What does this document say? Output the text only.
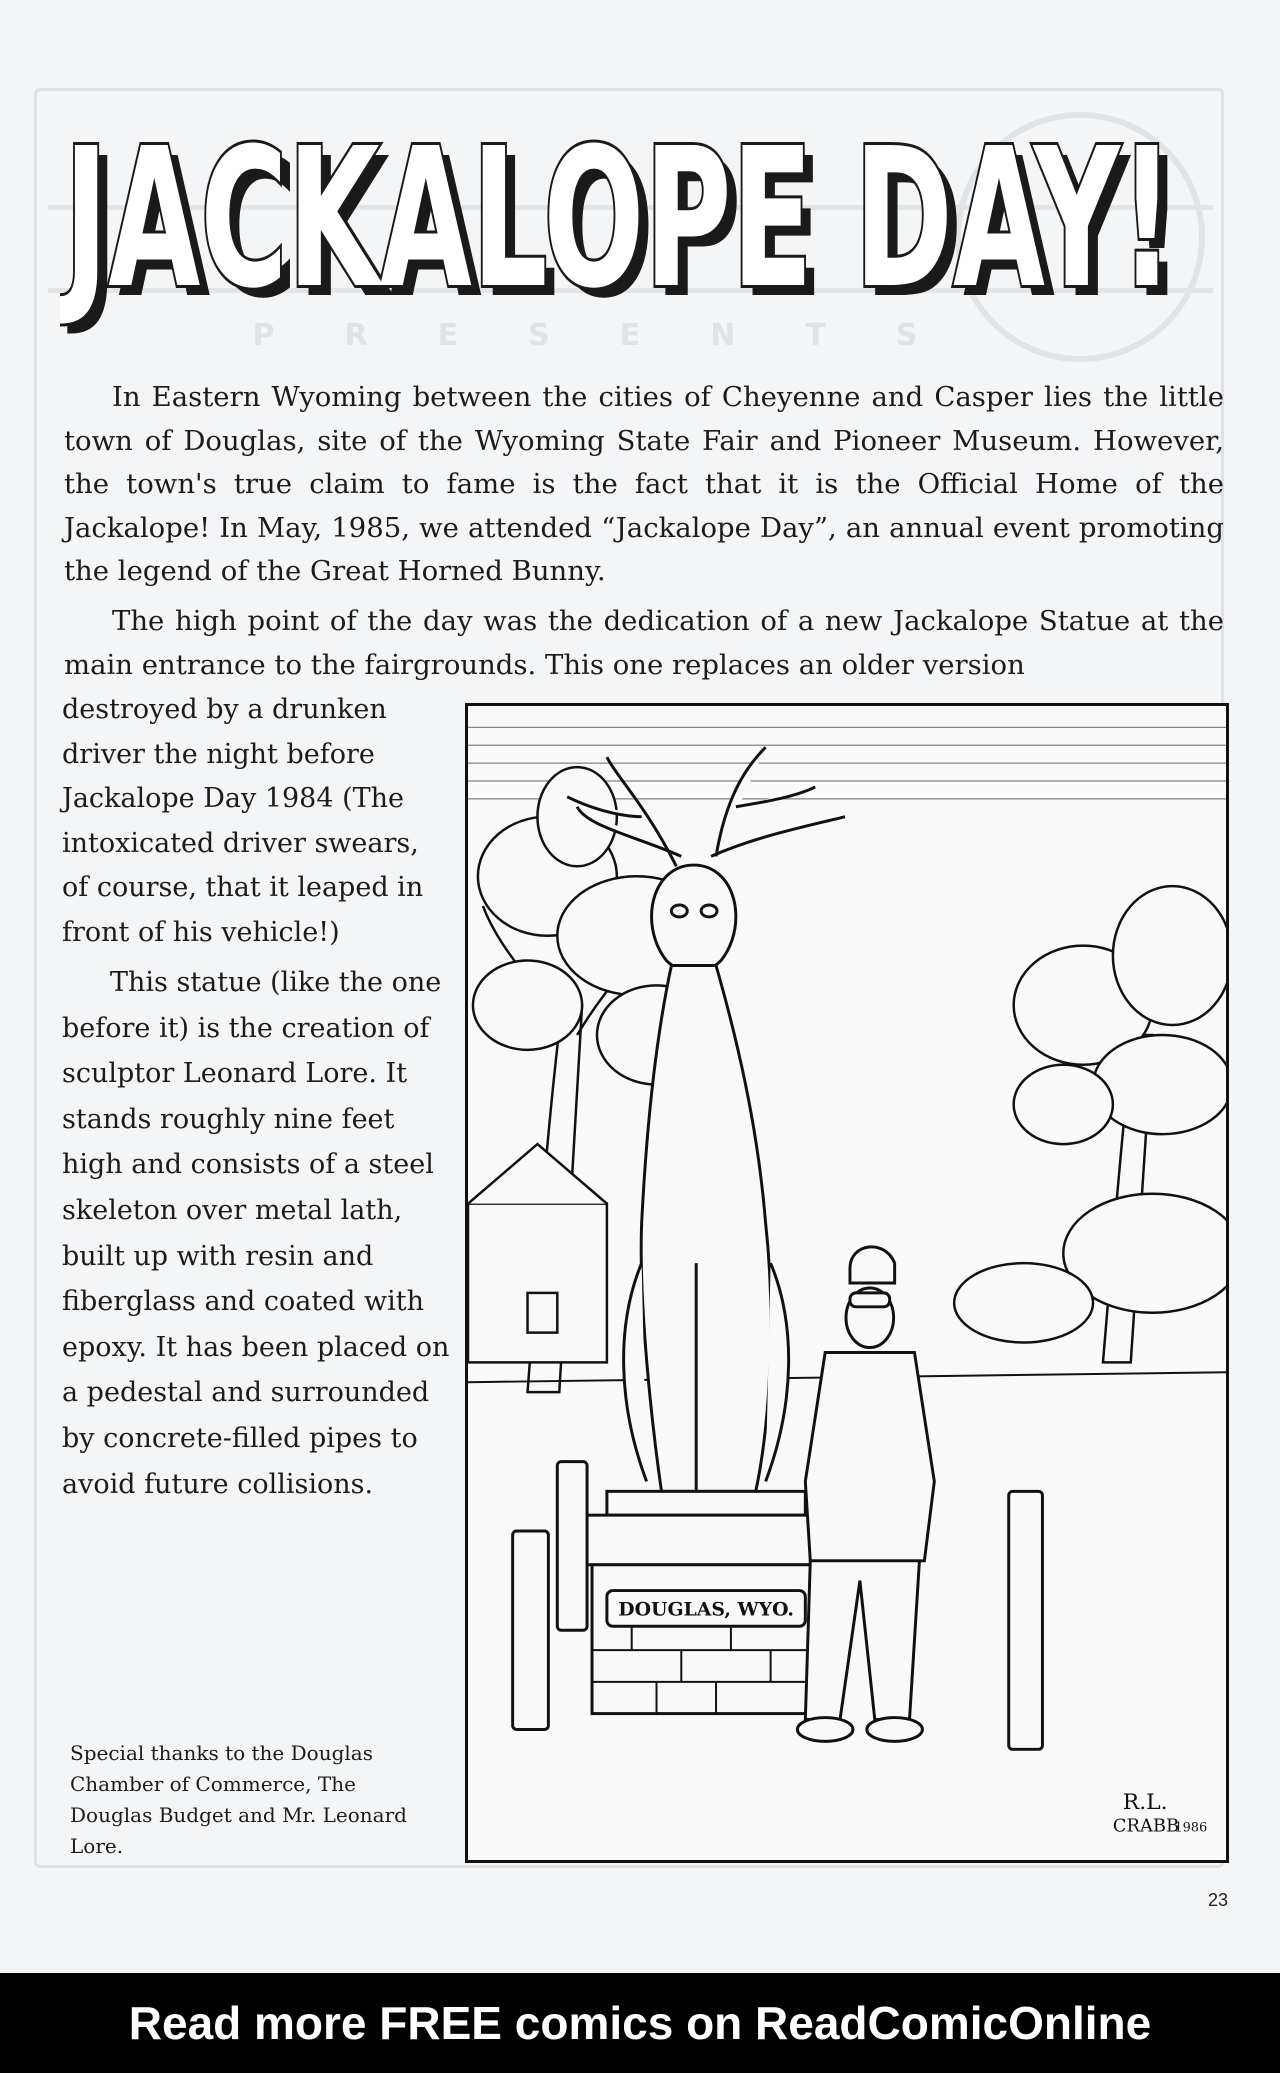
PRESENTS
JACKALOPE DAY!
JACKALOPE DAY!

In Eastern Wyoming between the cities of Cheyenne and Casper lies the little town of Douglas, site of the Wyoming State Fair and Pioneer Museum. However, the town's true claim to fame is the fact that it is the Official Home of the Jackalope! In May, 1985, we attended “Jackalope Day”, an annual event promoting the legend of the Great Horned Bunny.

The high point of the day was the dedication of a new Jackalope Statue at the main entrance to the fairgrounds. This one replaces an older version

destroyed by a drunken driver the night before Jackalope Day 1984 (The intoxicated driver swears, of course, that it leaped in front of his vehicle!)

This statue (like the one before it) is the creation of sculptor Leonard Lore. It stands roughly nine feet high and consists of a steel skeleton over metal lath, built up with resin and fiberglass and coated with epoxy. It has been placed on a pedestal and surrounded by concrete-filled pipes to avoid future collisions.

Special thanks to the Douglas Chamber of Commerce, The Douglas Budget and Mr. Leonard Lore.

DOUGLAS, WYO.
R.L.
CRABB
1986
23
Read more FREE comics on ReadComicOnline
